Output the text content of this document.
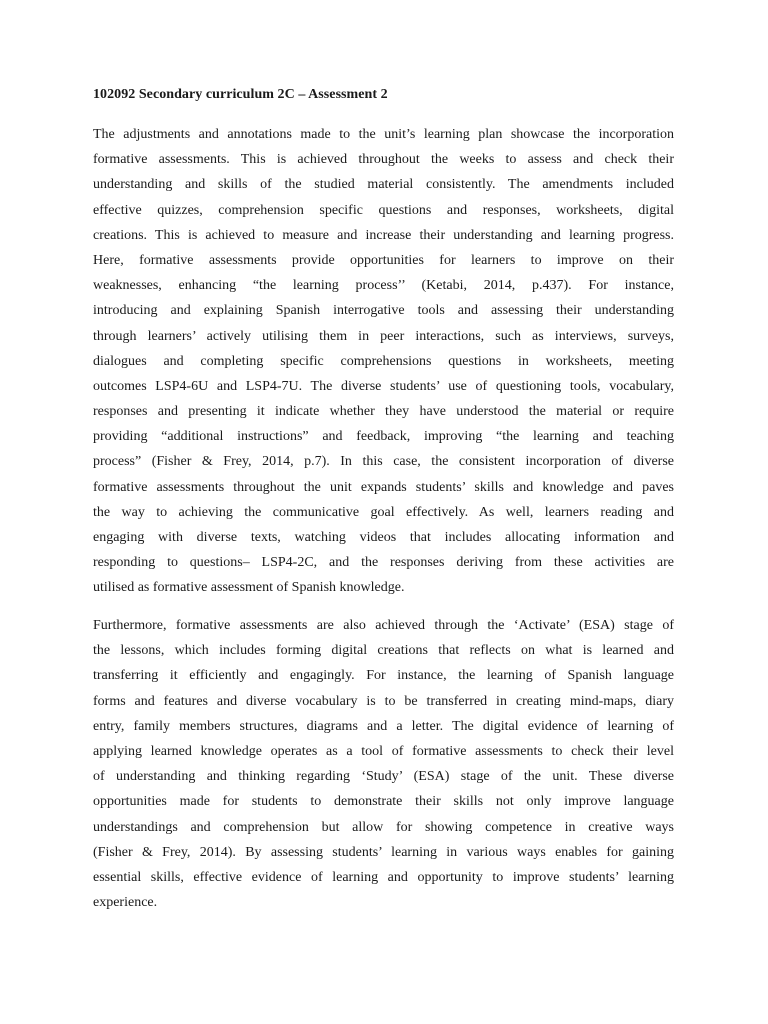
102092 Secondary curriculum 2C – Assessment 2

The adjustments and annotations made to the unit’s learning plan showcase the incorporation
formative assessments. This is achieved throughout the weeks to assess and check their
understanding and skills of the studied material consistently. The amendments included
effective quizzes, comprehension specific questions and responses, worksheets, digital
creations. This is achieved to measure and increase their understanding and learning progress.
Here, formative assessments provide opportunities for learners to improve on their
weaknesses, enhancing “the learning process’’ (Ketabi, 2014, p.437). For instance,
introducing and explaining Spanish interrogative tools and assessing their understanding
through learners’ actively utilising them in peer interactions, such as interviews, surveys,
dialogues and completing specific comprehensions questions in worksheets, meeting
outcomes LSP4-6U and LSP4-7U. The diverse students’ use of questioning tools, vocabulary,
responses and presenting it indicate whether they have understood the material or require
providing “additional instructions” and feedback, improving “the learning and teaching
process” (Fisher & Frey, 2014, p.7). In this case, the consistent incorporation of diverse
formative assessments throughout the unit expands students’ skills and knowledge and paves
the way to achieving the communicative goal effectively. As well, learners reading and
engaging with diverse texts, watching videos that includes allocating information and
responding to questions– LSP4-2C, and the responses deriving from these activities are
utilised as formative assessment of Spanish knowledge.

Furthermore, formative assessments are also achieved through the ‘Activate’ (ESA) stage of
the lessons, which includes forming digital creations that reflects on what is learned and
transferring it efficiently and engagingly. For instance, the learning of Spanish language
forms and features and diverse vocabulary is to be transferred in creating mind-maps, diary
entry, family members structures, diagrams and a letter. The digital evidence of learning of
applying learned knowledge operates as a tool of formative assessments to check their level
of understanding and thinking regarding ‘Study’ (ESA) stage of the unit. These diverse
opportunities made for students to demonstrate their skills not only improve language
understandings and comprehension but allow for showing competence in creative ways
(Fisher & Frey, 2014). By assessing students’ learning in various ways enables for gaining
essential skills, effective evidence of learning and opportunity to improve students’ learning
experience.
